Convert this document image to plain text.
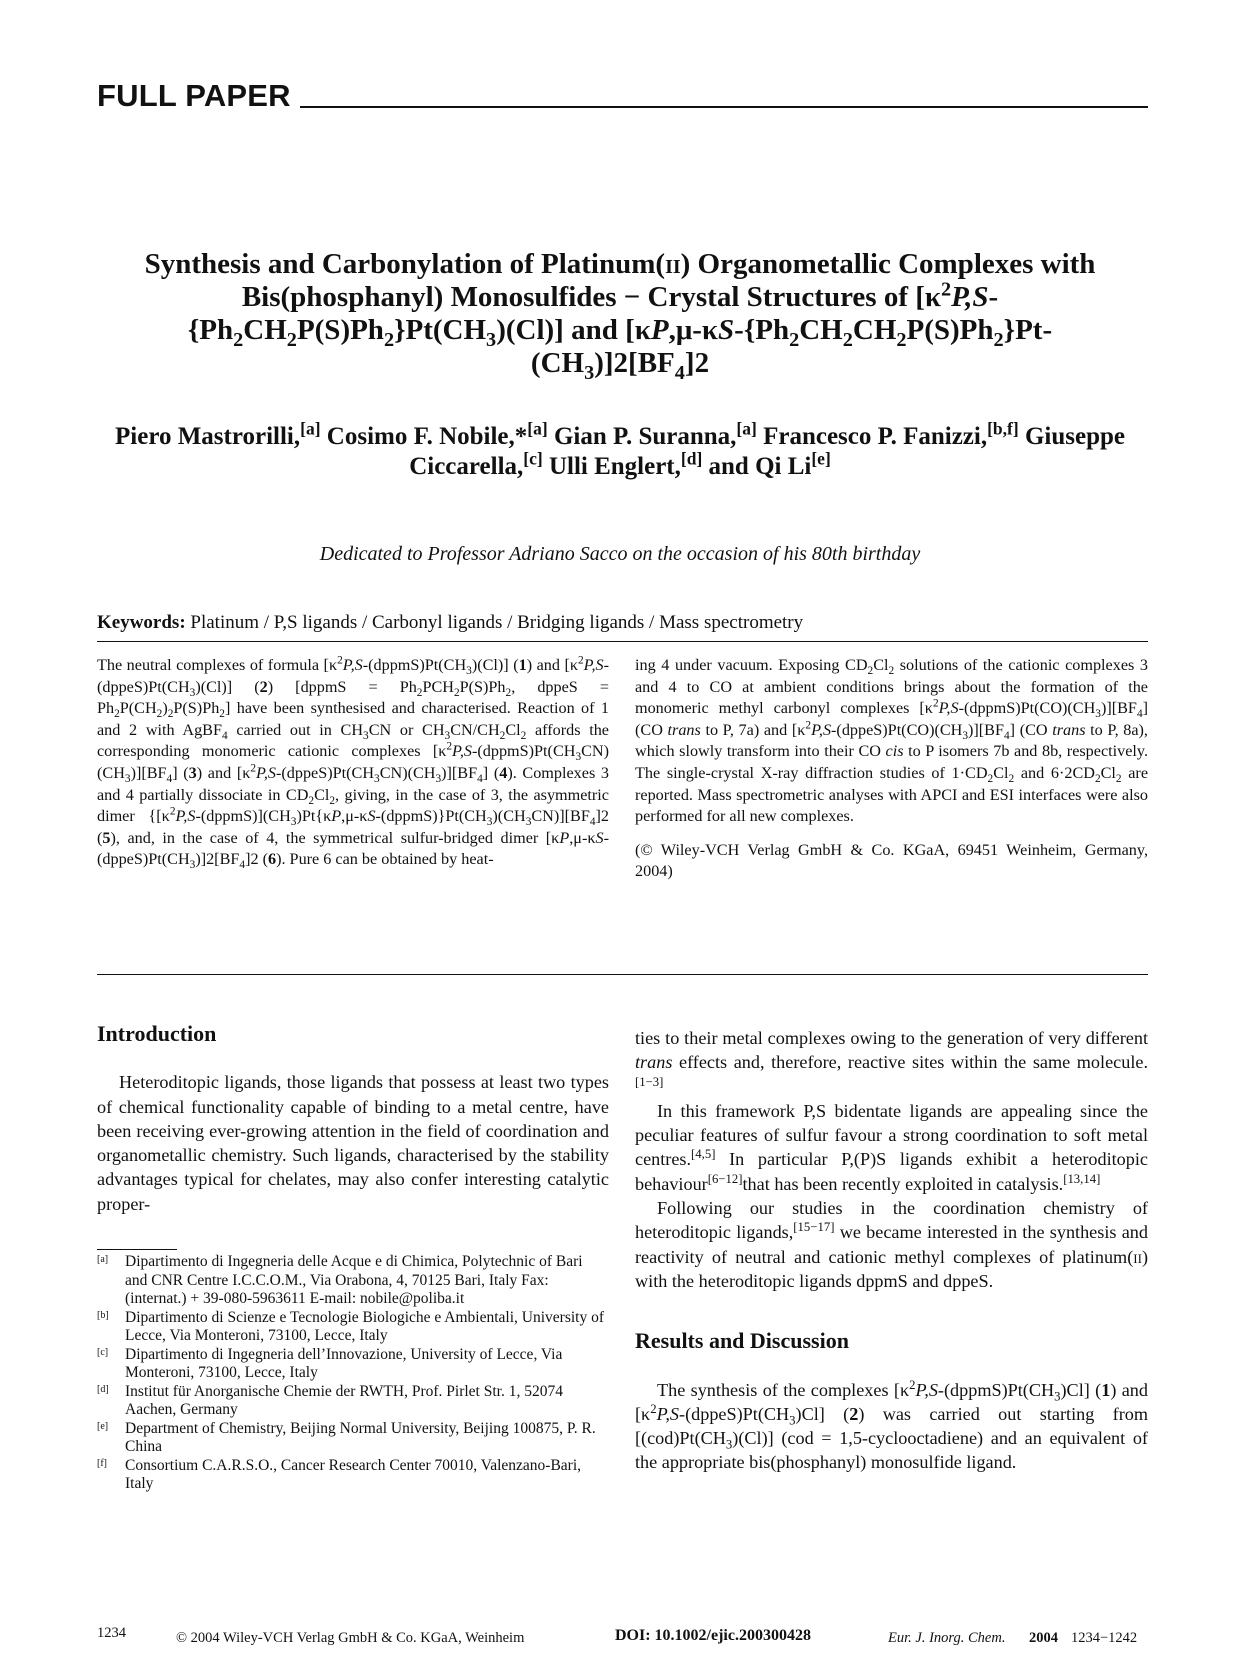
FULL PAPER
Synthesis and Carbonylation of Platinum(ii) Organometallic Complexes with Bis(phosphanyl) Monosulfides − Crystal Structures of $[\kappa^2P,S-\{Ph_2CH_2P(S)Ph_2\}Pt(CH_3)(Cl)]$ and $[\kappa P,\mu-\kappa S-\{Ph_2CH_2CH_2P(S)Ph_2\}Pt-(CH_3)]2[BF_4]2$
Piero Mastrorilli,[a] Cosimo F. Nobile,*[a] Gian P. Suranna,[a] Francesco P. Fanizzi,[b,f] Giuseppe Ciccarella,[c] Ulli Englert,[d] and Qi Li[e]
Dedicated to Professor Adriano Sacco on the occasion of his 80th birthday
Keywords: Platinum / P,S ligands / Carbonyl ligands / Bridging ligands / Mass spectrometry
The neutral complexes of formula $[\kappa^2P,S-(dppmS)Pt(CH_3)(Cl)]$ (1) and $[\kappa^2P,S-(dppeS)Pt(CH_3)(Cl)]$ (2) [dppmS = $Ph_2PCH_2P(S)Ph_2$, dppeS = $Ph_2P(CH_2)_2P(S)Ph_2$] have been synthesised and characterised. Reaction of 1 and 2 with AgBF$_4$ carried out in $CH_3CN$ or $CH_3CN/CH_2Cl_2$ affords the corresponding monomeric cationic complexes $[\kappa^2P,S-(dppmS)Pt(CH_3CN)(CH_3)][BF_4]$ (3) and $[\kappa^2P,S-(dppeS)Pt(CH_3CN)(CH_3)][BF_4]$ (4). Complexes 3 and 4 partially dissociate in $CD_2Cl_2$, giving, in the case of 3, the asymmetric dimer $\{[\kappa^2P,S-(dppmS)](CH_3)Pt\{\kappa P,\mu-\kappa S-(dppmS)\}Pt(CH_3)(CH_3CN)][BF_4]2$ (5), and, in the case of 4, the symmetrical sulfur-bridged dimer $[\kappa P,\mu-\kappa S-(dppeS)Pt(CH_3)]2[BF_4]2$ (6). Pure 6 can be obtained by heat-
ing 4 under vacuum. Exposing $CD_2Cl_2$ solutions of the cationic complexes 3 and 4 to CO at ambient conditions brings about the formation of the monomeric methyl carbonyl complexes $[\kappa^2P,S-(dppmS)Pt(CO)(CH_3)][BF_4]$ (CO trans to P, 7a) and $[\kappa^2P,S-(dppeS)Pt(CO)(CH_3)][BF_4]$ (CO trans to P, 8a), which slowly transform into their CO cis to P isomers 7b and 8b, respectively. The single-crystal X-ray diffraction studies of $1\cdot CD_2Cl_2$ and $6\cdot 2CD_2Cl_2$ are reported. Mass spectrometric analyses with APCI and ESI interfaces were also performed for all new complexes.
(© Wiley-VCH Verlag GmbH & Co. KGaA, 69451 Weinheim, Germany, 2004)
Introduction

Heteroditopic ligands, those ligands that possess at least two types of chemical functionality capable of binding to a metal centre, have been receiving ever-growing attention in the field of coordination and organometallic chemistry. Such ligands, characterised by the stability advantages typical for chelates, may also confer interesting catalytic proper-

[a]	Dipartimento di Ingegneria delle Acque e di Chimica, Polytechnic of Bari and CNR Centre I.C.C.O.M., Via Orabona, 4, 70125 Bari, Italy Fax: (internat.) + 39-080-5963611 E-mail: nobile@poliba.it
[b]	Dipartimento di Scienze e Tecnologie Biologiche e Ambientali, University of Lecce, Via Monteroni, 73100, Lecce, Italy
[c]	Dipartimento di Ingegneria dell’Innovazione, University of Lecce, Via Monteroni, 73100, Lecce, Italy
[d]	Institut für Anorganische Chemie der RWTH, Prof. Pirlet Str. 1, 52074 Aachen, Germany
[e]	Department of Chemistry, Beijing Normal University, Beijing 100875, P. R. China
[f]	Consortium C.A.R.S.O., Cancer Research Center 70010, Valenzano-Bari, Italy

ties to their metal complexes owing to the generation of very different trans effects and, therefore, reactive sites within the same molecule.[1−3]

In this framework P,S bidentate ligands are appealing since the peculiar features of sulfur favour a strong coordination to soft metal centres.[4,5] In particular P,(P)S ligands exhibit a heteroditopic behaviour[6−12]that has been recently exploited in catalysis.[13,14]

Following our studies in the coordination chemistry of heteroditopic ligands,[15−17] we became interested in the synthesis and reactivity of neutral and cationic methyl complexes of platinum(ii) with the heteroditopic ligands dppmS and dppeS.

Results and Discussion

The synthesis of the complexes $[\kappa^2P,S-(dppmS)Pt(CH_3)Cl]$ (1) and $[\kappa^2P,S-(dppeS)Pt(CH_3)Cl]$ (2) was carried out starting from $[(cod)Pt(CH_3)(Cl)] (cod$ = 1,5-cyclooctadiene) and an equivalent of the appropriate bis(phosphanyl) monosulfide ligand.

1234	© 2004 Wiley-VCH Verlag GmbH & Co. KGaA, Weinheim	DOI: 10.1002/ejic.200300428	Eur. J. Inorg. Chem. 2004 1234−1242
